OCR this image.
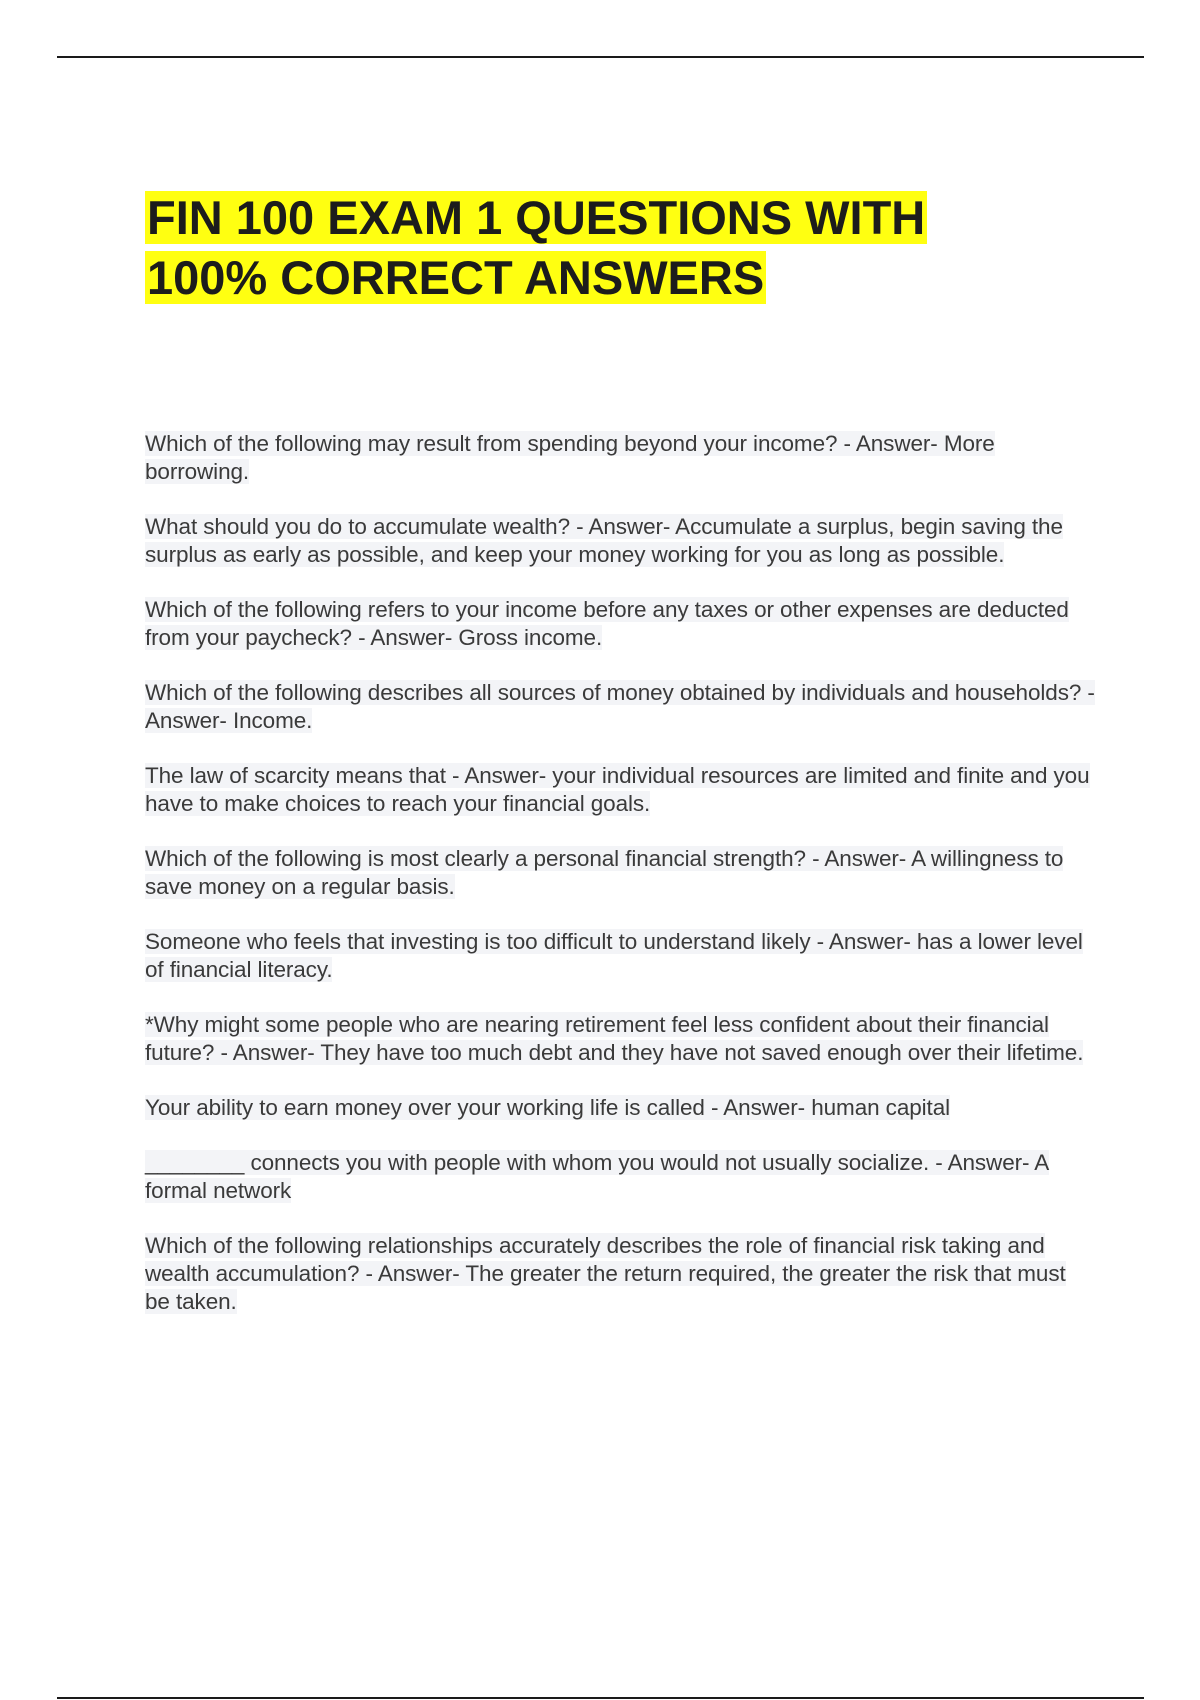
FIN 100 EXAM 1 QUESTIONS WITH
100% CORRECT ANSWERS
Which of the following may result from spending beyond your income? - Answer- More borrowing.
What should you do to accumulate wealth? - Answer- Accumulate a surplus, begin saving the surplus as early as possible, and keep your money working for you as long as possible.
Which of the following refers to your income before any taxes or other expenses are deducted from your paycheck? - Answer- Gross income.
Which of the following describes all sources of money obtained by individuals and households? - Answer- Income.
The law of scarcity means that - Answer- your individual resources are limited and finite and you have to make choices to reach your financial goals.
Which of the following is most clearly a personal financial strength? - Answer- A willingness to save money on a regular basis.
Someone who feels that investing is too difficult to understand likely - Answer- has a lower level of financial literacy.
*Why might some people who are nearing retirement feel less confident about their financial future? - Answer- They have too much debt and they have not saved enough over their lifetime.
Your ability to earn money over your working life is called - Answer- human capital
________ connects you with people with whom you would not usually socialize. - Answer- A formal network
Which of the following relationships accurately describes the role of financial risk taking and wealth accumulation? - Answer- The greater the return required, the greater the risk that must be taken.
